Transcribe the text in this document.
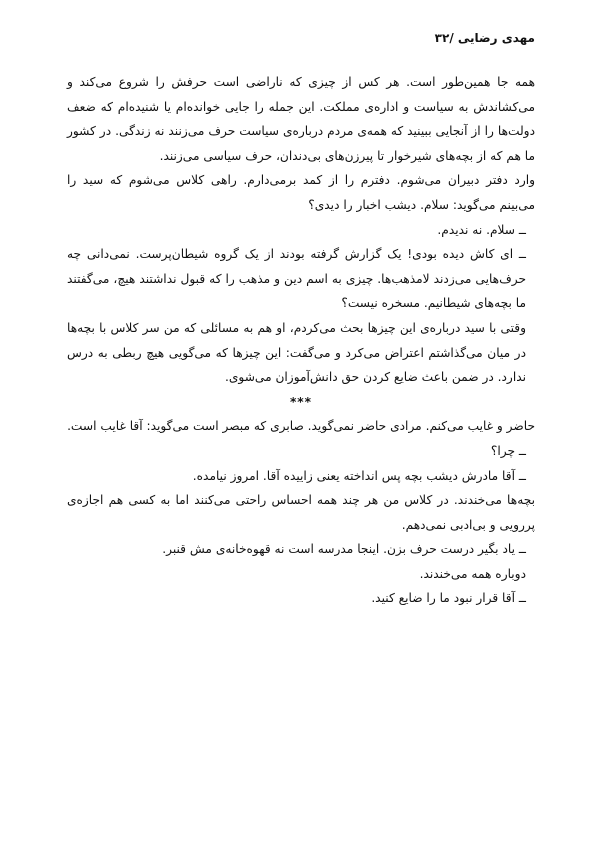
مهدی رضایی /۳۲

همه جا همین‌طور است. هر کس از چیزی که ناراضی است حرفش را شروع می‌کند و می‌کشاندش به سیاست و اداره‌ی مملکت. این جمله را جایی خوانده‌ام یا شنیده‌ام که ضعف دولت‌ها را از آنجایی ببینید که همه‌ی مردم درباره‌ی سیاست حرف می‌زنند نه زندگی. در کشور ما هم که از بچه‌های شیرخوار تا پیرزن‌های بی‌دندان، حرف سیاسی می‌زنند.

وارد دفتر دبیران می‌شوم. دفترم را از کمد برمی‌دارم. راهی کلاس می‌شوم که سید را می‌بینم می‌گوید: سلام. دیشب اخبار را دیدی؟

ــ سلام. نه ندیدم.

ــ ای کاش دیده بودی! یک گزارش گرفته بودند از یک گروه شیطان‌پرست. نمی‌دانی چه حرف‌هایی می‌زدند لامذهب‌ها. چیزی به اسم دین و مذهب را که قبول نداشتند هیچ، می‌گفتند ما بچه‌های شیطانیم. مسخره نیست؟

وقتی با سید درباره‌ی این چیزها بحث می‌کردم، او هم به مسائلی که من سر کلاس با بچه‌ها در میان می‌گذاشتم اعتراض می‌کرد و می‌گفت: این چیزها که می‌گویی هیچ ربطی به درس ندارد. در ضمن باعث ضایع کردن حق دانش‌آموزان می‌شوی.

***

حاضر و غایب می‌کنم. مرادی حاضر نمی‌گوید. صابری که مبصر است می‌گوید: آقا غایب است.

ــ چرا؟

ــ آقا مادرش دیشب بچه پس انداخته یعنی زاییده آقا. امروز نیامده.

بچه‌ها می‌خندند. در کلاس من هر چند همه احساس راحتی می‌کنند اما به کسی هم اجازه‌ی پررویی و بی‌ادبی نمی‌دهم.

ــ یاد بگیر درست حرف بزن. اینجا مدرسه است نه قهوه‌خانه‌ی مش قنبر.

دوباره همه می‌خندند.

ــ آقا قرار نبود ما را ضایع کنید.
